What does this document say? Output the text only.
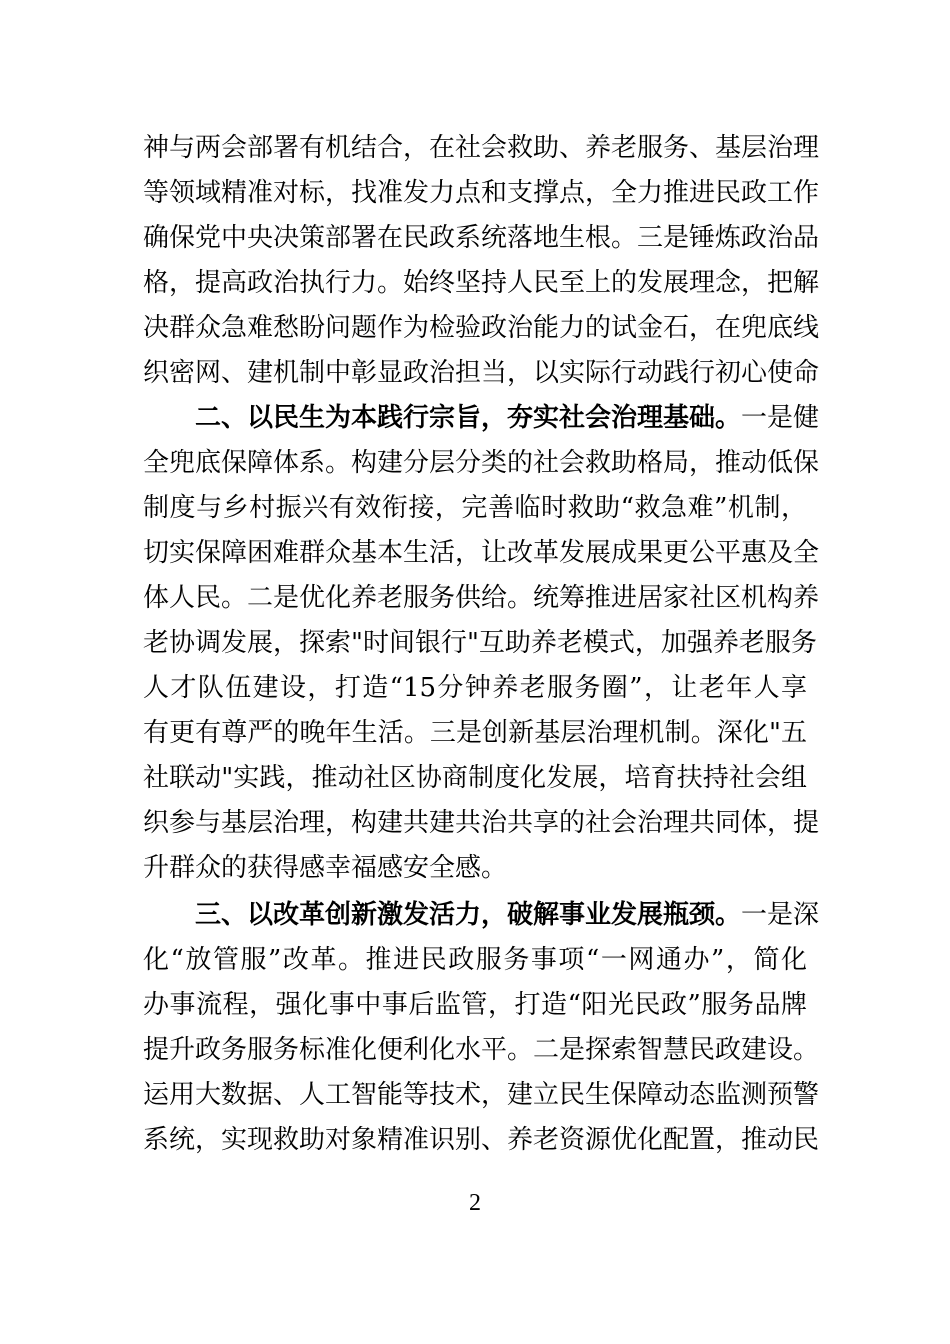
神与两会部署有机结合，在社会救助、养老服务、基层治理
等领域精准对标，找准发力点和支撑点，全力推进民政工作
确保党中央决策部署在民政系统落地生根。三是锤炼政治品
格，提高政治执行力。始终坚持人民至上的发展理念，把解
决群众急难愁盼问题作为检验政治能力的试金石，在兜底线
织密网、建机制中彰显政治担当，以实际行动践行初心使命
二、以民生为本践行宗旨，夯实社会治理基础。一是健
全兜底保障体系。构建分层分类的社会救助格局，推动低保
制度与乡村振兴有效衔接，完善临时救助“救急难”机制，
切实保障困难群众基本生活，让改革发展成果更公平惠及全
体人民。二是优化养老服务供给。统筹推进居家社区机构养
老协调发展，探索"时间银行"互助养老模式，加强养老服务
人才队伍建设，打造“15分钟养老服务圈”，让老年人享
有更有尊严的晚年生活。三是创新基层治理机制。深化"五
社联动"实践，推动社区协商制度化发展，培育扶持社会组
织参与基层治理，构建共建共治共享的社会治理共同体，提
升群众的获得感幸福感安全感。
三、以改革创新激发活力，破解事业发展瓶颈。一是深
化“放管服”改革。推进民政服务事项“一网通办”，简化
办事流程，强化事中事后监管，打造“阳光民政”服务品牌
提升政务服务标准化便利化水平。二是探索智慧民政建设。
运用大数据、人工智能等技术，建立民生保障动态监测预警
系统，实现救助对象精准识别、养老资源优化配置，推动民
2
